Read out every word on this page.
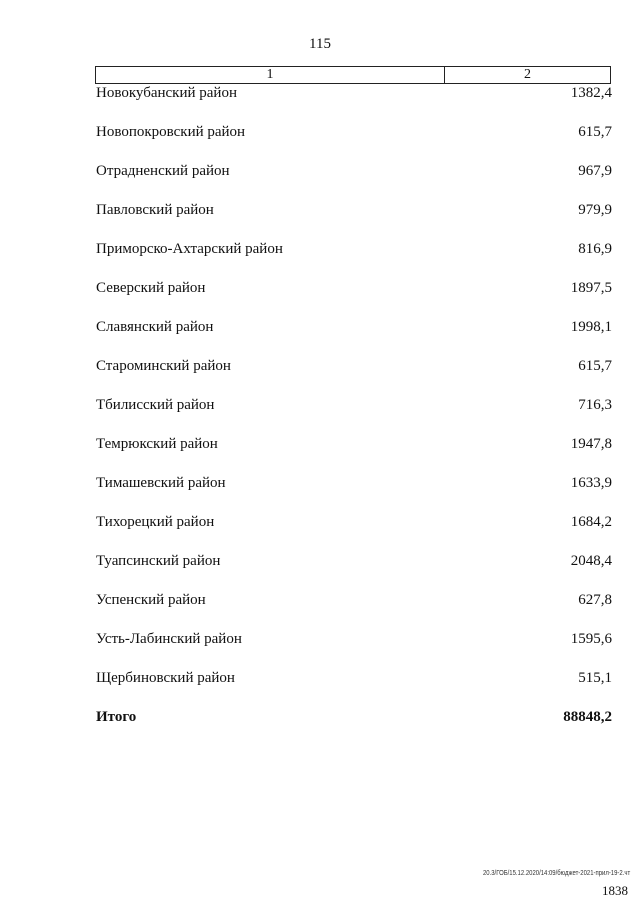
115
1	2
Новокубанский район	1382,4
Новопокровский район	615,7
Отрадненский район	967,9
Павловский район	979,9
Приморско-Ахтарский район	816,9
Северский район	1897,5
Славянский район	1998,1
Староминский район	615,7
Тбилисский район	716,3
Темрюкский район	1947,8
Тимашевский район	1633,9
Тихорецкий район	1684,2
Туапсинский район	2048,4
Успенский район	627,8
Усть-Лабинский район	1595,6
Щербиновский район	515,1
Итого	88848,2
20.3/ГОБ/15.12.2020/14:09/бюджет-2021-прил-19-2.чт
1838
